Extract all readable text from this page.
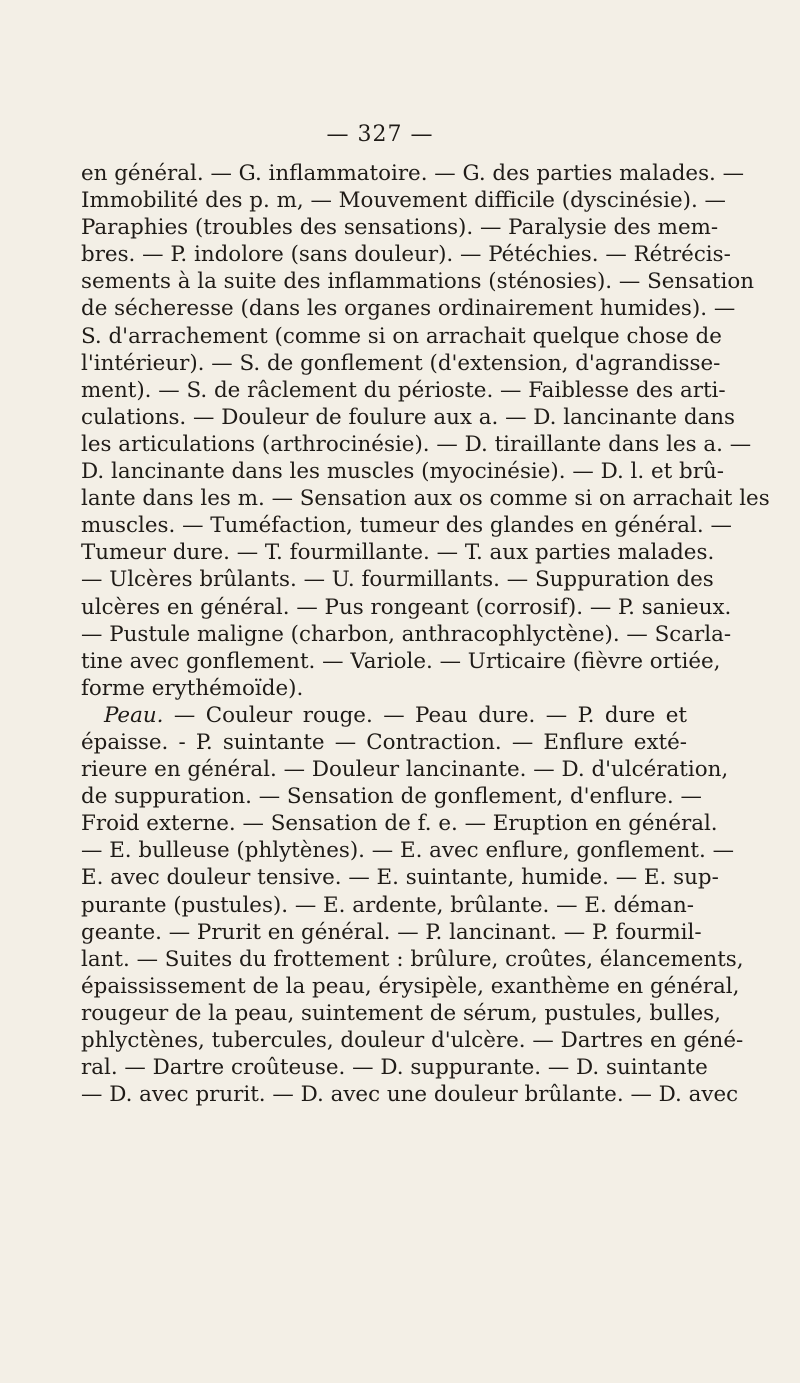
— 327 —
en général. — G. inflammatoire. — G. des parties malades. —
Immobilité des p. m, — Mouvement difficile (dyscinésie). —
Paraphies (troubles des sensations). — Paralysie des mem-
bres. — P. indolore (sans douleur). — Pétéchies. — Rétrécis-
sements à la suite des inflammations (sténosies). — Sensation
de sécheresse (dans les organes ordinairement humides). —
S. d'arrachement (comme si on arrachait quelque chose de
l'intérieur). — S. de gonflement (d'extension, d'agrandisse-
ment). — S. de râclement du périoste. — Faiblesse des arti-
culations. — Douleur de foulure aux a. — D. lancinante dans
les articulations (arthrocinésie). — D. tiraillante dans les a. —
D. lancinante dans les muscles (myocinésie). — D. l. et brû-
lante dans les m. — Sensation aux os comme si on arrachait les
muscles. — Tuméfaction, tumeur des glandes en général. —
Tumeur dure. — T. fourmillante. — T. aux parties malades.
— Ulcères brûlants. — U. fourmillants. — Suppuration des
ulcères en général. — Pus rongeant (corrosif). — P. sanieux.
— Pustule maligne (charbon, anthracophlyctène). — Scarla-
tine avec gonflement. — Variole. — Urticaire (fièvre ortiée,
forme erythémoïde).
Peau. — Couleur rouge. — Peau dure. — P. dure et
épaisse. - P. suintante — Contraction. — Enflure exté-
rieure en général. — Douleur lancinante. — D. d'ulcération,
de suppuration. — Sensation de gonflement, d'enflure. —
Froid externe. — Sensation de f. e. — Eruption en général.
— E. bulleuse (phlytènes). — E. avec enflure, gonflement. —
E. avec douleur tensive. — E. suintante, humide. — E. sup-
purante (pustules). — E. ardente, brûlante. — E. déman-
geante. — Prurit en général. — P. lancinant. — P. fourmil-
lant. — Suites du frottement : brûlure, croûtes, élancements,
épaississement de la peau, érysipèle, exanthème en général,
rougeur de la peau, suintement de sérum, pustules, bulles,
phlyctènes, tubercules, douleur d'ulcère. — Dartres en géné-
ral. — Dartre croûteuse. — D. suppurante. — D. suintante
— D. avec prurit. — D. avec une douleur brûlante. — D. avec
